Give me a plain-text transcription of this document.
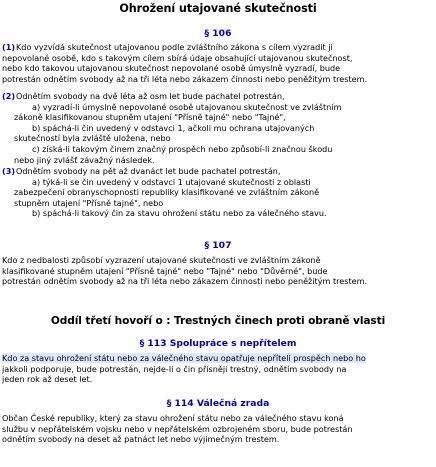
Ohrožení utajované skutečnosti
§ 106
(1)Kdo vyzvídá skutečnost utajovanou podle zvláštního zákona s cílem vyzradit ji
nepovolané osobě, kdo s takovým cílem sbírá údaje obsahující utajovanou skutečnost,
nebo kdo takovou utajovanou skutečnost nepovolané osobě úmyslně vyzradí, bude
potrestán odnětím svobody až na tři léta nebo zákazem činnosti nebo peněžitým trestem.
(2)Odnětím svobody na dvě léta až osm let bude pachatel potrestán,
a) vyzradí-li úmyslně nepovolané osobě utajovanou skutečnost ve zvláštním
zákoně klasifikovanou stupněm utajení "Přísně tajné" nebo "Tajné",
b) spáchá-li čin uvedený v odstavci 1, ačkoli mu ochrana utajovaných
skutečností byla zvláště uložena, nebo
c) získá-li takovým činem značný prospěch nebo způsobí-li značnou škodu
nebo jiný zvlášť závažný následek.
(3)Odnětím svobody na pět až dvanáct let bude pachatel potrestán,
a) týká-li se čin uvedený v odstavci 1 utajované skutečnosti z oblasti
zabezpečení obranyschopnosti republiky klasifikované ve zvláštním zákoně
stupněm utajení "Přísně tajné", nebo
b) spáchá-li takový čin za stavu ohrožení státu nebo za válečného stavu.
§ 107
Kdo z nedbalosti způsobí vyzrazení utajované skutečnosti ve zvláštním zákoně
klasifikované stupněm utajení "Přísně tajné" nebo "Tajné" nebo "Důvěrné", bude
potrestán odnětím svobody až na tři léta nebo zákazem činnosti nebo peněžitým trestem.
Oddíl třetí hovoří o : Trestných činech proti obraně vlasti
§ 113 Spolupráce s nepřítelem
Kdo za stavu ohrožení státu nebo za válečného stavu opatřuje nepříteli prospěch nebo ho
jakkoli podporuje, bude potrestán, nejde-li o čin přísněji trestný, odnětím svobody na
jeden rok až deset let.
§ 114 Válečná zrada
Občan České republiky, který za stavu ohrožení státu nebo za válečného stavu koná
službu v nepřátelském vojsku nebo v nepřátelském ozbrojeném sboru, bude potrestán
odnětím svobody na deset až patnáct let nebo výjimečným trestem.
